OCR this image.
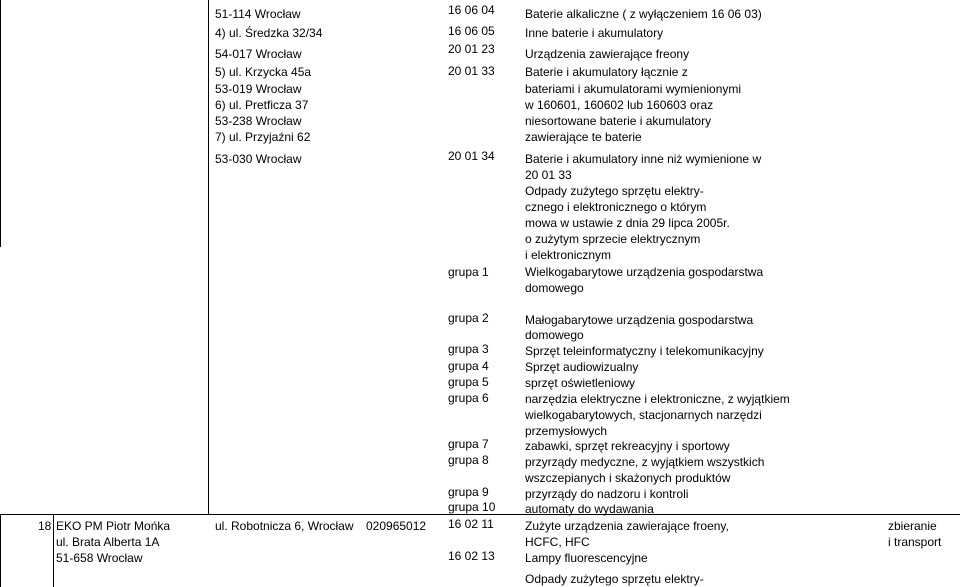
51-114 Wrocław
4) ul. Średzka 32/34
54-017 Wrocław
5) ul. Krzycka 45a
53-019 Wrocław
6) ul. Pretficza 37
53-238 Wrocław
7) ul. Przyjaźni 62
53-030 Wrocław
16 06 04
16 06 05
20 01 23
20 01 33
20 01 34
grupa 1
grupa 2
grupa 3
grupa 4
grupa 5
grupa 6
grupa 7
grupa 8
grupa 9
grupa 10
16 02 11
16 02 13
Baterie alkaliczne ( z wyłączeniem 16 06 03)
Inne baterie i akumulatory
Urządzenia zawierające freony
Baterie i akumulatory łącznie z
bateriami i akumulatorami wymienionymi
w 160601, 160602 lub 160603 oraz
niesortowane baterie i akumulatory
zawierające te baterie
Baterie i akumulatory inne niż wymienione w
20 01 33
Odpady zużytego sprzętu elektry-
cznego i elektronicznego o którym
mowa w ustawie z dnia 29 lipca 2005r.
o zużytym sprzecie elektrycznym
i elektronicznym
Wielkogabarytowe urządzenia gospodarstwa
domowego
Małogabarytowe urządzenia gospodarstwa
domowego
Sprzęt teleinformatyczny i telekomunikacyjny
Sprzęt audiowizualny
sprzęt oświetleniowy
narzędzia elektryczne i elektroniczne, z wyjątkiem
wielkogabarytowych, stacjonarnych narzędzi
przemysłowych
zabawki, sprzęt rekreacyjny i sportowy
przyrządy medyczne, z wyjątkiem wszystkich
wszczepianych i skażonych produktów
przyrządy do nadzoru i kontroli
automaty do wydawania
Zużyte urządzenia zawierające froeny,
HCFC, HFC
Lampy fluorescencyjne
Odpady zużytego sprzętu elektry-
18 EKO PM Piotr Mońka
ul. Brata Alberta 1A
51-658 Wrocław
ul. Robotnicza 6, Wrocław 020965012	zbieranie
i transport
